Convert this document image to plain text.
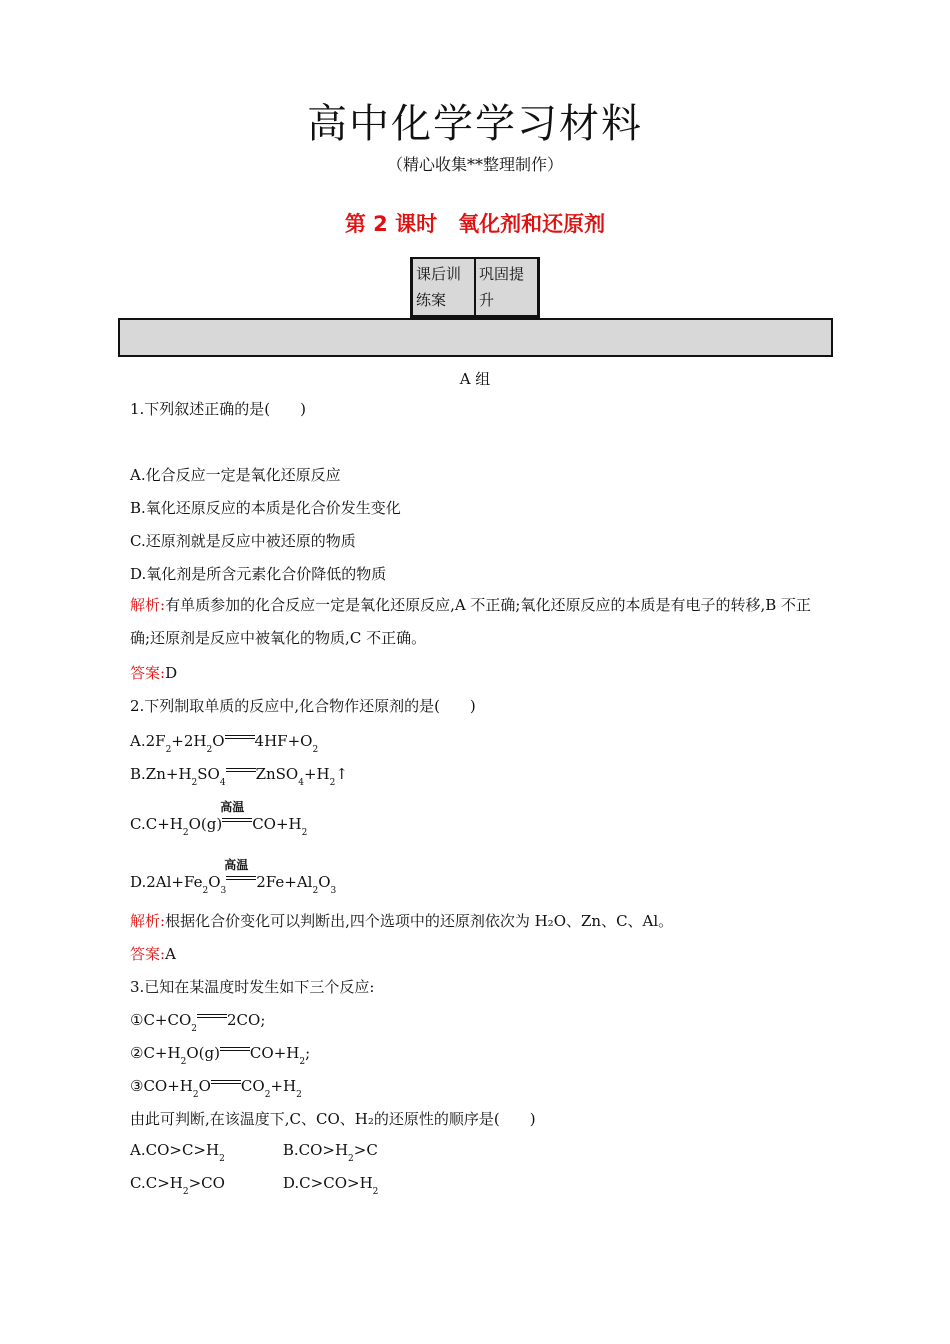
高中化学学习材料
（精心收集**整理制作）
第 2 课时　氧化剂和还原剂
课后训练案
巩固提升
A 组
1.下列叙述正确的是(　　)
A.化合反应一定是氧化还原反应
B.氧化还原反应的本质是化合价发生变化
C.还原剂就是反应中被还原的物质
D.氧化剂是所含元素化合价降低的物质
解析:有单质参加的化合反应一定是氧化还原反应,A 不正确;氧化还原反应的本质是有电子的转移,B 不正确;还原剂是反应中被氧化的物质,C 不正确。
答案:D
2.下列制取单质的反应中,化合物作还原剂的是(　　)
$A.2F_2+2H_2O$ $4HF+O_2$
$B.Zn+H_2SO_4$ $ZnSO_4+H_2↑$
$C.C+H_2O(g)$
高温
$CO+H_2$
$D.2Al+Fe_2O_3$
高温
$2Fe+Al_2O_3$
解析:根据化合价变化可以判断出,四个选项中的还原剂依次为 H₂O、Zn、C、Al。
答案:A
3.已知在某温度时发生如下三个反应:
$①C+CO_2$ 2CO;
$②C+H_2O(g)$ $CO+H_2$;
$③CO+H_2O$ $CO_2+H_2$
由此可判断,在该温度下,C、CO、H₂的还原性的顺序是(　　)
$A.CO>C>H_2$	$B.CO>H_2>C$
$C.C>H_2>CO$	$D.C>CO>H_2$
